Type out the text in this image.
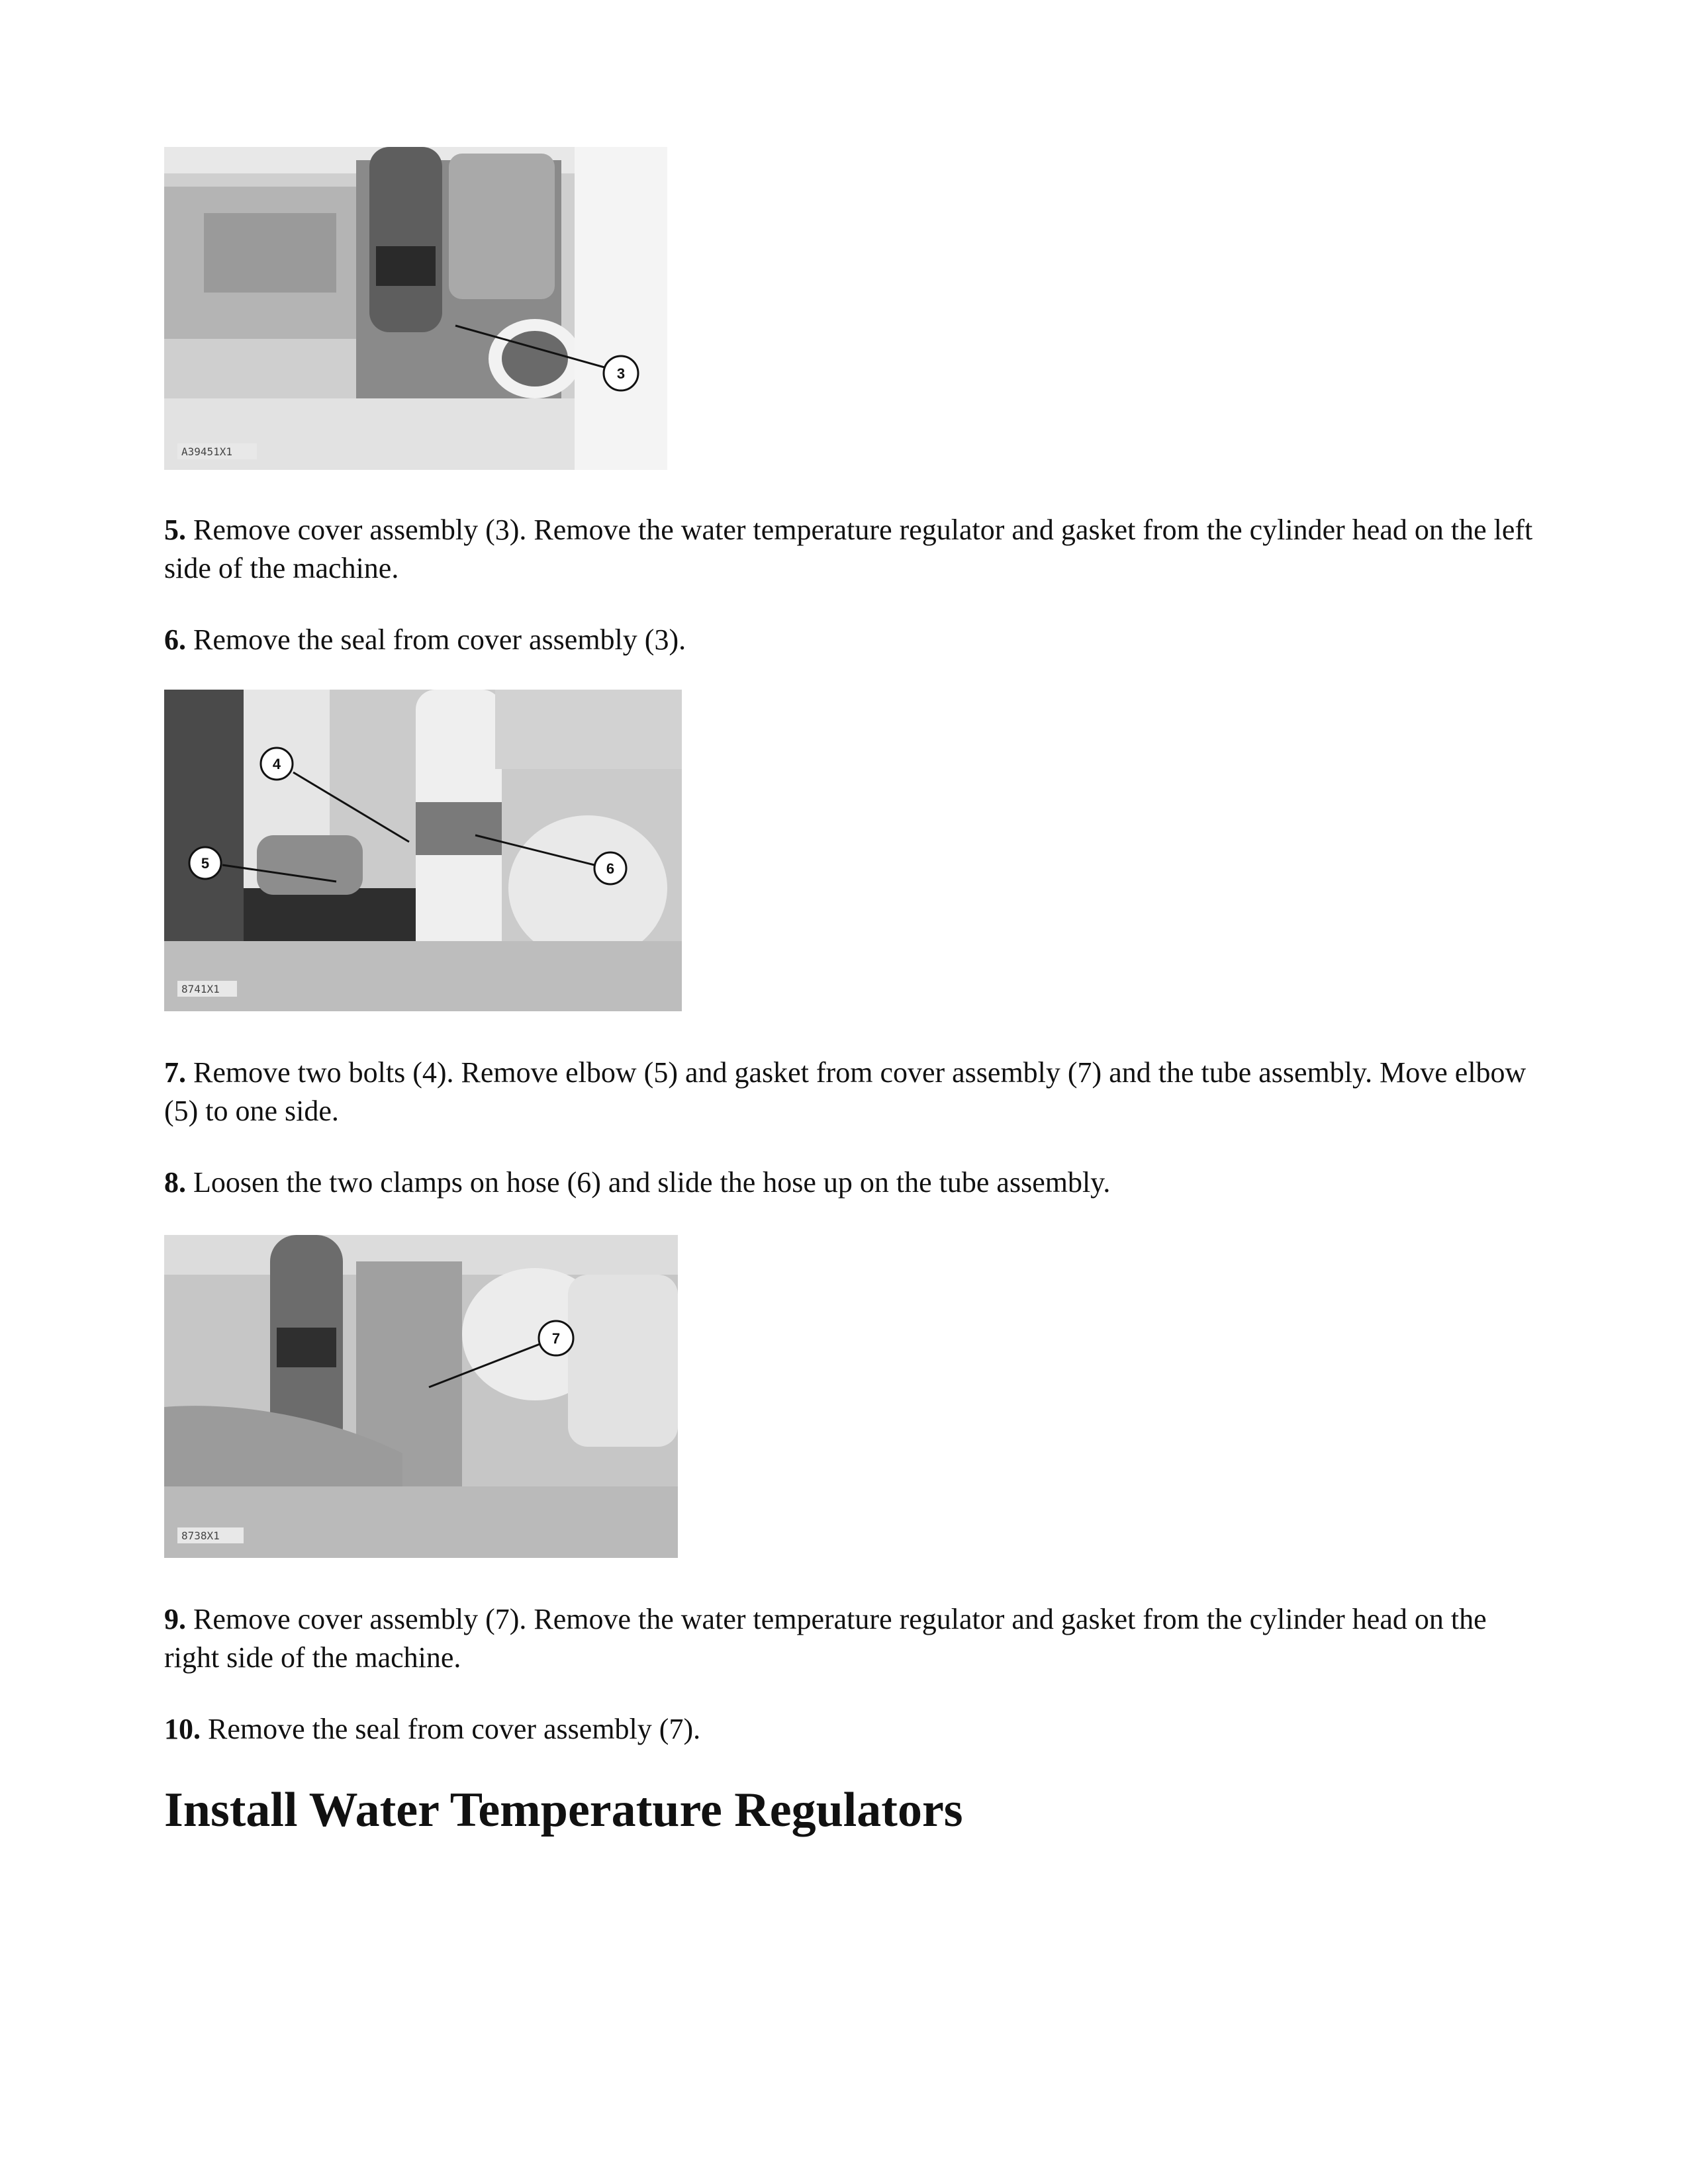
3
A39451X1

5. Remove cover assembly (3). Remove the water temperature regulator and gasket from the cylinder head on the left side of the machine.

6. Remove the seal from cover assembly (3).

4
5	6
8741X1

7. Remove two bolts (4). Remove elbow (5) and gasket from cover assembly (7) and the tube assembly. Move elbow (5) to one side.

8. Loosen the two clamps on hose (6) and slide the hose up on the tube assembly.

7
8738X1

9. Remove cover assembly (7). Remove the water temperature regulator and gasket from the cylinder head on the right side of the machine.

10. Remove the seal from cover assembly (7).

Install Water Temperature Regulators
